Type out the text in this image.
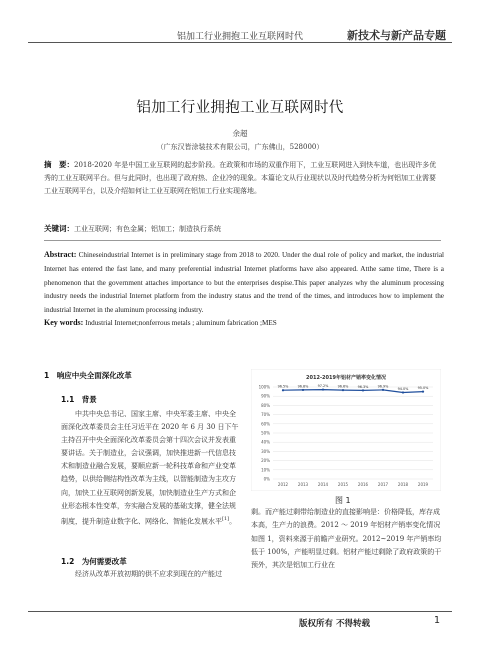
铝加工行业拥抱工业互联网时代	新技术与新产品专题
铝加工行业拥抱工业互联网时代
余超
（广东汉皆涂装技术有限公司，广东佛山，528000）
摘　要：2018-2020 年是中国工业互联网的起步阶段。在政策和市场的双重作用下，工业互联网进入到快车道，也出现许多优秀的工业互联网平台。但与此同时，也出现了政府热、企业冷的现象。本篇论文从行业现状以及时代趋势分析为何铝加工业需要工业互联网平台，以及介绍如何让工业互联网在铝加工行业实现落地。
关键词：工业互联网；有色金属；铝加工；制造执行系统
Abstract: Chineseindustrial Internet is in preliminary stage from 2018 to 2020. Under the dual role of policy and market, the industrial Internet has entered the fast lane, and many preferential industrial Internet platforms have also appeared. Atthe same time, There is a phenomenon that the government attaches importance to but the enterprises despise.This paper analyzes why the aluminum processing industry needs the industrial Internet platform from the industry status and the trend of the times, and introduces how to implement the industrial Internet in the aluminum processing industry.
Key words: Industrial Internet;nonferrous metals ; aluminum fabrication ;MES
1　响应中央全面深化改革
1.1　背景
中共中央总书记、国家主席、中央军委主席、中央全面深化改革委员会主任习近平在 2020 年 6 月 30 日下午主持召开中央全面深化改革委员会第十四次会议并发表重要讲话。关于制造业，会议强调，加快推进新一代信息技术和制造业融合发展，要顺应新一轮科技革命和产业变革趋势，以供给侧结构性改革为主线，以智能制造为主攻方向，加快工业互联网创新发展，加快制造业生产方式和企业形态根本性变革，夯实融合发展的基础支撑，健全法规制度，提升制造业数字化、网络化、智能化发展水平[1]。
1.2　为何需要改革
经济从改革开放初期的供不应求到现在的产能过
2012-2019年铝材产销率变化情况
100%
90%
80%
70%
60%
50%
40%
30%
20%
10%
0%
2012 2013 2014 2015 2016 2017 2018 2019
96.5%	96.8%	97.2%	96.6%	96.3%	96.9%
94.0%	95.0%
图 1
剩。而产能过剩带给制造业的直接影响是：价格降低，库存成本高，生产力的浪费。2012 ～ 2019 年铝材产销率变化情况如图 1，资料来源于前瞻产业研究。2012~2019 年产销率均低于 100%，产能明显过剩。铝材产能过剩除了政府政策的干预外，其次是铝加工行业在
版权所有 不得转载	1
